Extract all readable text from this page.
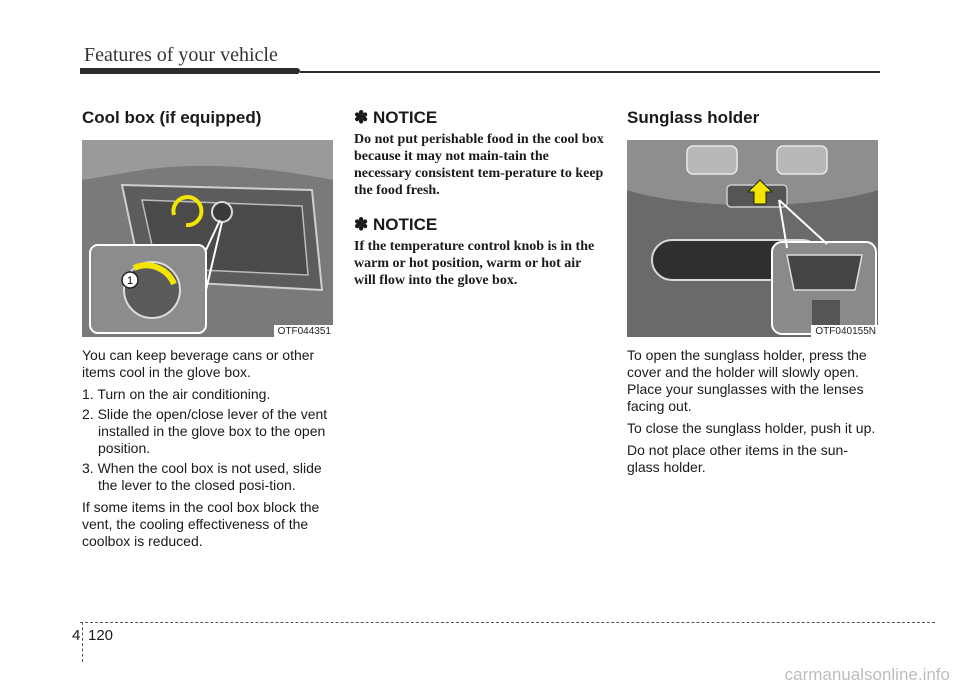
Features of your vehicle
Cool box (if equipped)
1
OTF044351

You can keep beverage cans or other items cool in the glove box.

1. Turn on the air conditioning.
2. Slide the open/close lever of the vent installed in the glove box to the open position.
3. When the cool box is not used, slide the lever to the closed posi-tion.

If some items in the cool box block the vent, the cooling effectiveness of the coolbox is reduced.

✽ NOTICE
Do not put perishable food in the cool box because it may not main-tain the necessary consistent tem-perature to keep the food fresh.
✽ NOTICE
If the temperature control knob is in the warm or hot position, warm or hot air will flow into the glove box.
Sunglass holder
OTF040155N

To open the sunglass holder, press the cover and the holder will slowly open. Place your sunglasses with the lenses facing out.

To close the sunglass holder, push it up.

Do not place other items in the sun-glass holder.

4 120
carmanualsonline.info
